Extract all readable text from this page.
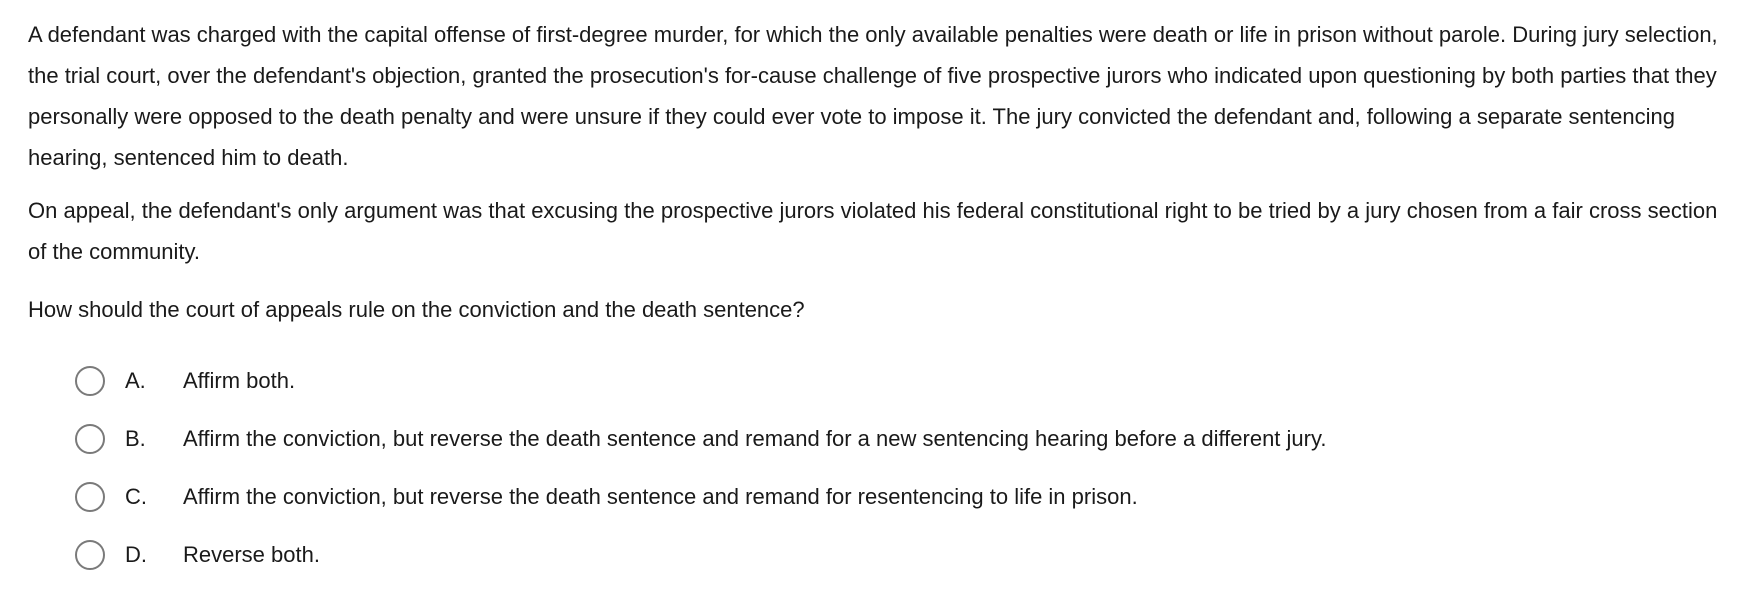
A defendant was charged with the capital offense of first-degree murder, for which the only available penalties were death or life in prison without parole. During jury selection, the trial court, over the defendant's objection, granted the prosecution's for-cause challenge of five prospective jurors who indicated upon questioning by both parties that they personally were opposed to the death penalty and were unsure if they could ever vote to impose it. The jury convicted the defendant and, following a separate sentencing hearing, sentenced him to death.

On appeal, the defendant's only argument was that excusing the prospective jurors violated his federal constitutional right to be tried by a jury chosen from a fair cross section of the community.

How should the court of appeals rule on the conviction and the death sentence?

A.	Affirm both.
B.	Affirm the conviction, but reverse the death sentence and remand for a new sentencing hearing before a different jury.
C.	Affirm the conviction, but reverse the death sentence and remand for resentencing to life in prison.
D.	Reverse both.
